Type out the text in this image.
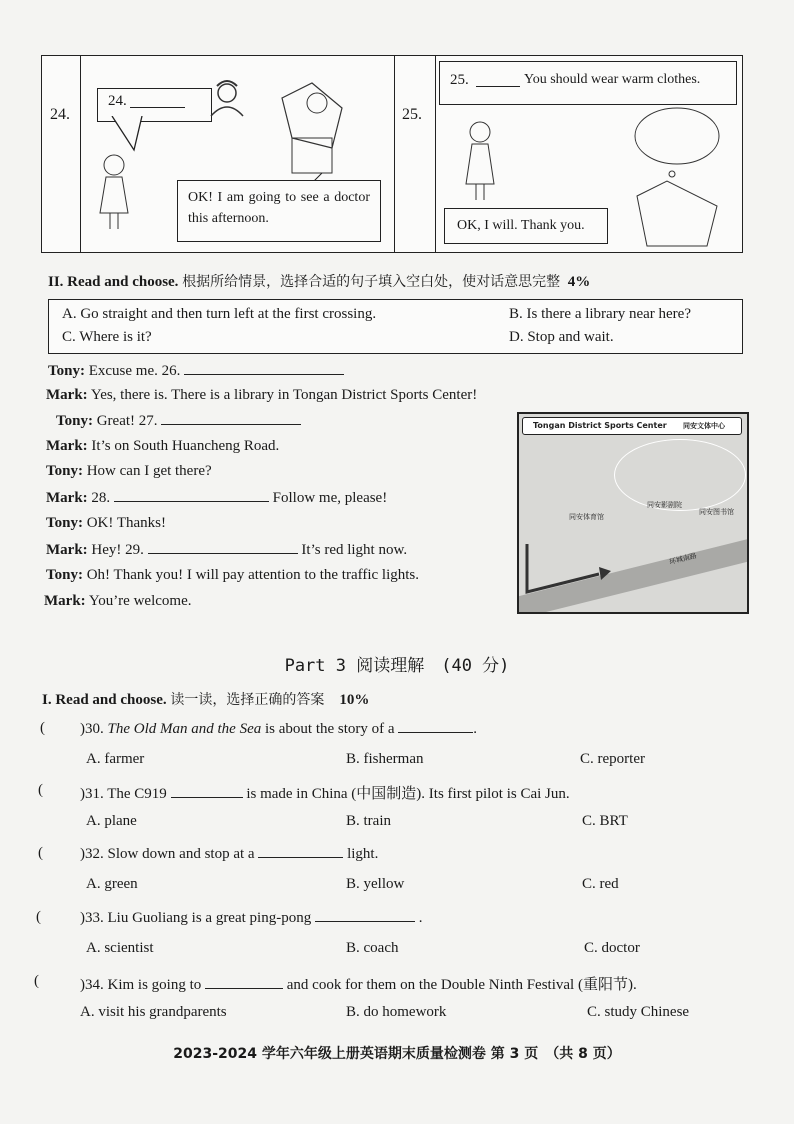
24.	25.
24.
OK! I am going to see a doctor this afternoon.
25.	You should wear warm clothes.
OK, I will. Thank you.
II. Read and choose. 根据所给情景，选择合适的句子填入空白处，使对话意思完整 4%
A. Go straight and then turn left at the first crossing.	B. Is there a library near here?
C. Where is it?	D. Stop and wait.
Tongan District Sports Center 同安文体中心
环城南路
同安体育馆
同安影剧院
同安图书馆
Part 3 阅读理解　(40 分)
I. Read and choose. 读一读，选择正确的答案 10%
2023-2024 学年六年级上册英语期末质量检测卷 第 3 页　（共 8 页）
Tony: Excuse me. 26.
Mark: Yes, there is. There is a library in Tongan District Sports Center!
Tony: Great! 27.
Mark: It’s on South Huancheng Road.
Tony: How can I get there?
Mark: 28.	Follow me, please!
Tony: OK! Thanks!
Mark: Hey! 29.	It’s red light now.
Tony: Oh! Thank you! I will pay attention to the traffic lights.
Mark: You’re welcome.
( )30. The Old Man and the Sea is about the story of a	.
A. farmer	B. fisherman	C. reporter
( )31. The C919	is made in China (中国制造). Its first pilot is Cai Jun.
A. plane	B. train	C. BRT
( )32. Slow down and stop at a	light.
A. green	B. yellow	C. red
(	)33. Liu Guoliang is a great ping-pong	.
A. scientist	B. coach	C. doctor
(	)34. Kim is going to	and cook for them on the Double Ninth Festival (重阳节).
A. visit his grandparents	B. do homework	C. study Chinese
